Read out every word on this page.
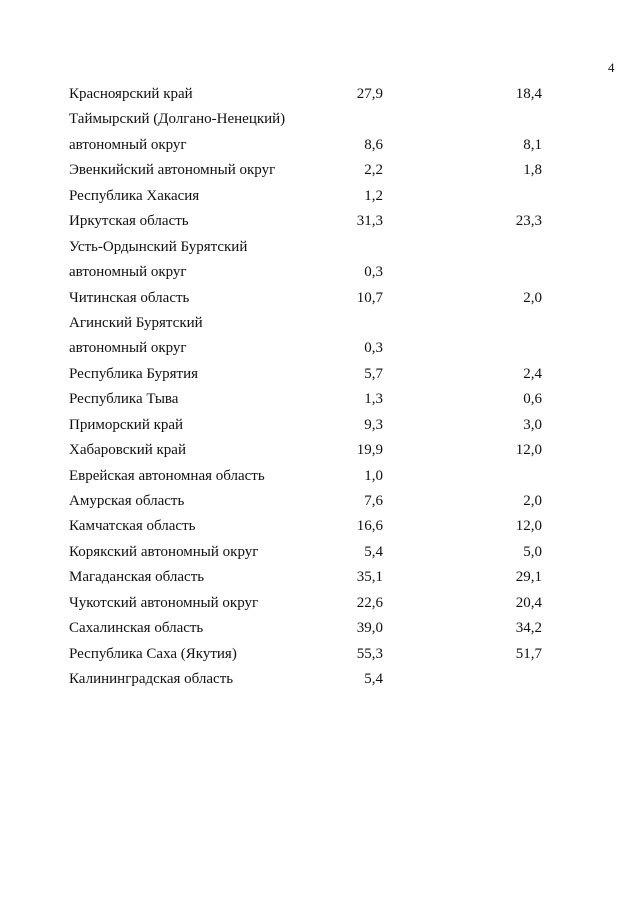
4
Красноярский край	27,9	18,4
Таймырский (Долгано-Ненецкий)
автономный округ	8,6	8,1
Эвенкийский автономный округ	2,2	1,8
Республика Хакасия	1,2
Иркутская область	31,3	23,3
Усть-Ордынский Бурятский
автономный округ	0,3
Читинская область	10,7	2,0
Агинский Бурятский
автономный округ	0,3
Республика Бурятия	5,7	2,4
Республика Тыва	1,3	0,6
Приморский край	9,3	3,0
Хабаровский край	19,9	12,0
Еврейская автономная область	1,0
Амурская область	7,6	2,0
Камчатская область	16,6	12,0
Корякский автономный округ	5,4	5,0
Магаданская область	35,1	29,1
Чукотский автономный округ	22,6	20,4
Сахалинская область	39,0	34,2
Республика Саха (Якутия)	55,3	51,7
Калининградская область	5,4
